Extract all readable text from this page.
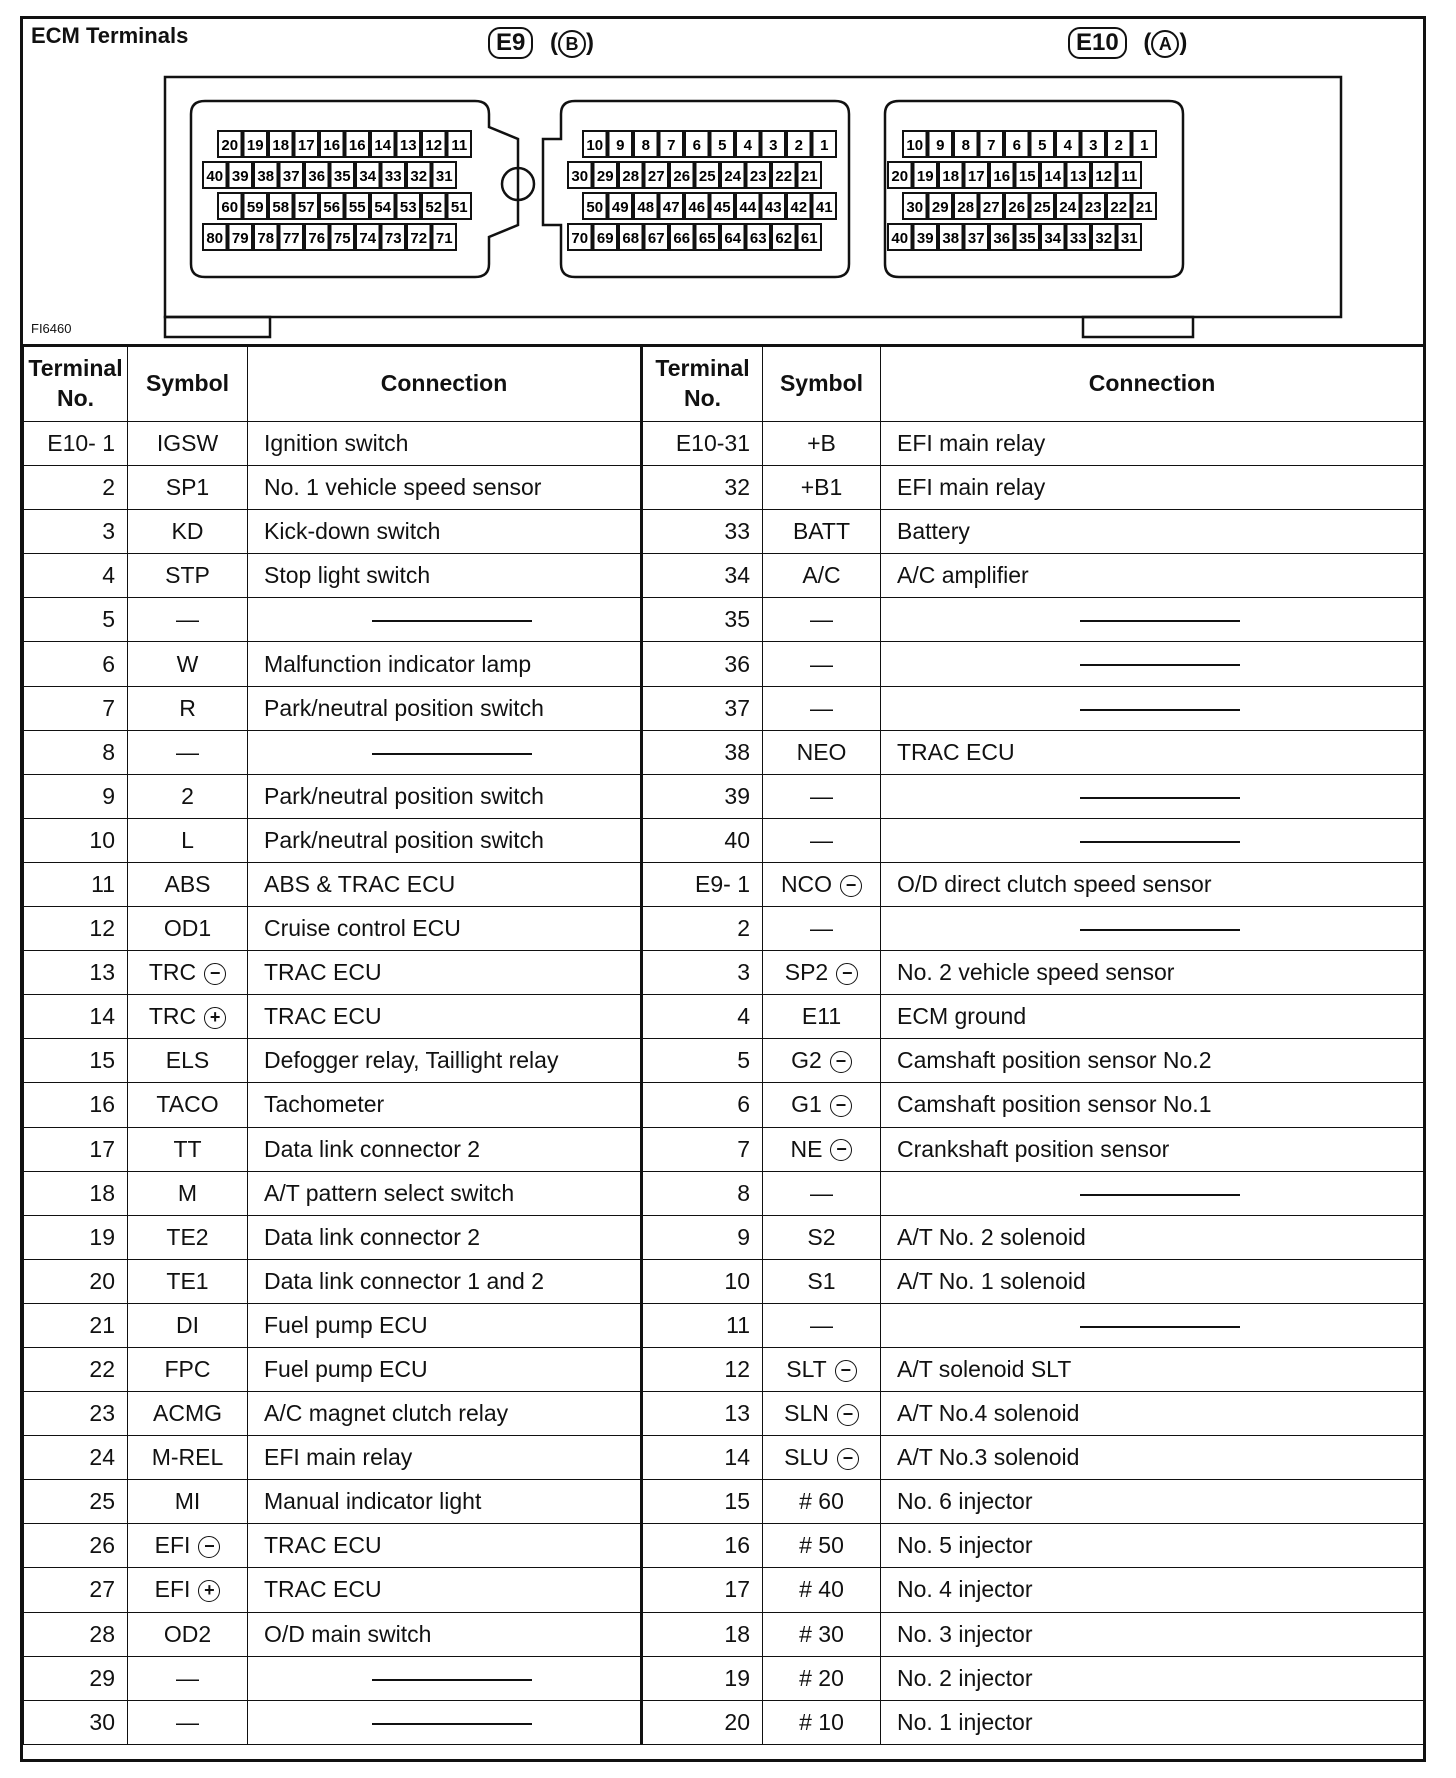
ECM Terminals	E9 ( B )	E10 ( A )
20 19 18 17 16 16 14 13 12 11
40 39 38 37 36 35 34 33 32 31
60 59 58 57 56 55 54 53 52 51
80 79 78 77 76 75 74 73 72 71
10 9 8 7 6 5 4 3 2 1
30 29 28 27 26 25 24 23 22 21
50 49 48 47 46 45 44 43 42 41
70 69 68 67 66 65 64 63 62 61
10 9 8 7 6 5 4 3 2 1
20 19 18 17 16 15 14 13 12 11
30 29 28 27 26 25 24 23 22 21
40 39 38 37 36 35 34 33 32 31
FI6460
Terminal
No.	Symbol	Connection	Terminal
No.	Symbol	Connection
E10- 1	IGSW	Ignition switch	E10-31	+B	EFI main relay
2	SP1	No. 1 vehicle speed sensor	32	+B1	EFI main relay
3	KD	Kick-down switch	33	BATT	Battery
4	STP	Stop light switch	34	A/C	A/C amplifier
5	—		35	—	
6	W	Malfunction indicator lamp	36	—	
7	R	Park/neutral position switch	37	—	
8	—		38	NEO	TRAC ECU
9	2	Park/neutral position switch	39	—	
10	L	Park/neutral position switch	40	—	
11	ABS	ABS & TRAC ECU	E9- 1	NCO −	O/D direct clutch speed sensor
12	OD1	Cruise control ECU	2	—	
13	TRC −	TRAC ECU	3	SP2 −	No. 2 vehicle speed sensor
14	TRC +	TRAC ECU	4	E11	ECM ground
15	ELS	Defogger relay, Taillight relay	5	G2 −	Camshaft position sensor No.2
16	TACO	Tachometer	6	G1 −	Camshaft position sensor No.1
17	TT	Data link connector 2	7	NE −	Crankshaft position sensor
18	M	A/T pattern select switch	8	—	
19	TE2	Data link connector 2	9	S2	A/T No. 2 solenoid
20	TE1	Data link connector 1 and 2	10	S1	A/T No. 1 solenoid
21	DI	Fuel pump ECU	11	—	
22	FPC	Fuel pump ECU	12	SLT −	A/T solenoid SLT
23	ACMG	A/C magnet clutch relay	13	SLN −	A/T No.4 solenoid
24	M-REL	EFI main relay	14	SLU −	A/T No.3 solenoid
25	MI	Manual indicator light	15	# 60	No. 6 injector
26	EFI −	TRAC ECU	16	# 50	No. 5 injector
27	EFI +	TRAC ECU	17	# 40	No. 4 injector
28	OD2	O/D main switch	18	# 30	No. 3 injector
29	—		19	# 20	No. 2 injector
30	—		20	# 10	No. 1 injector
